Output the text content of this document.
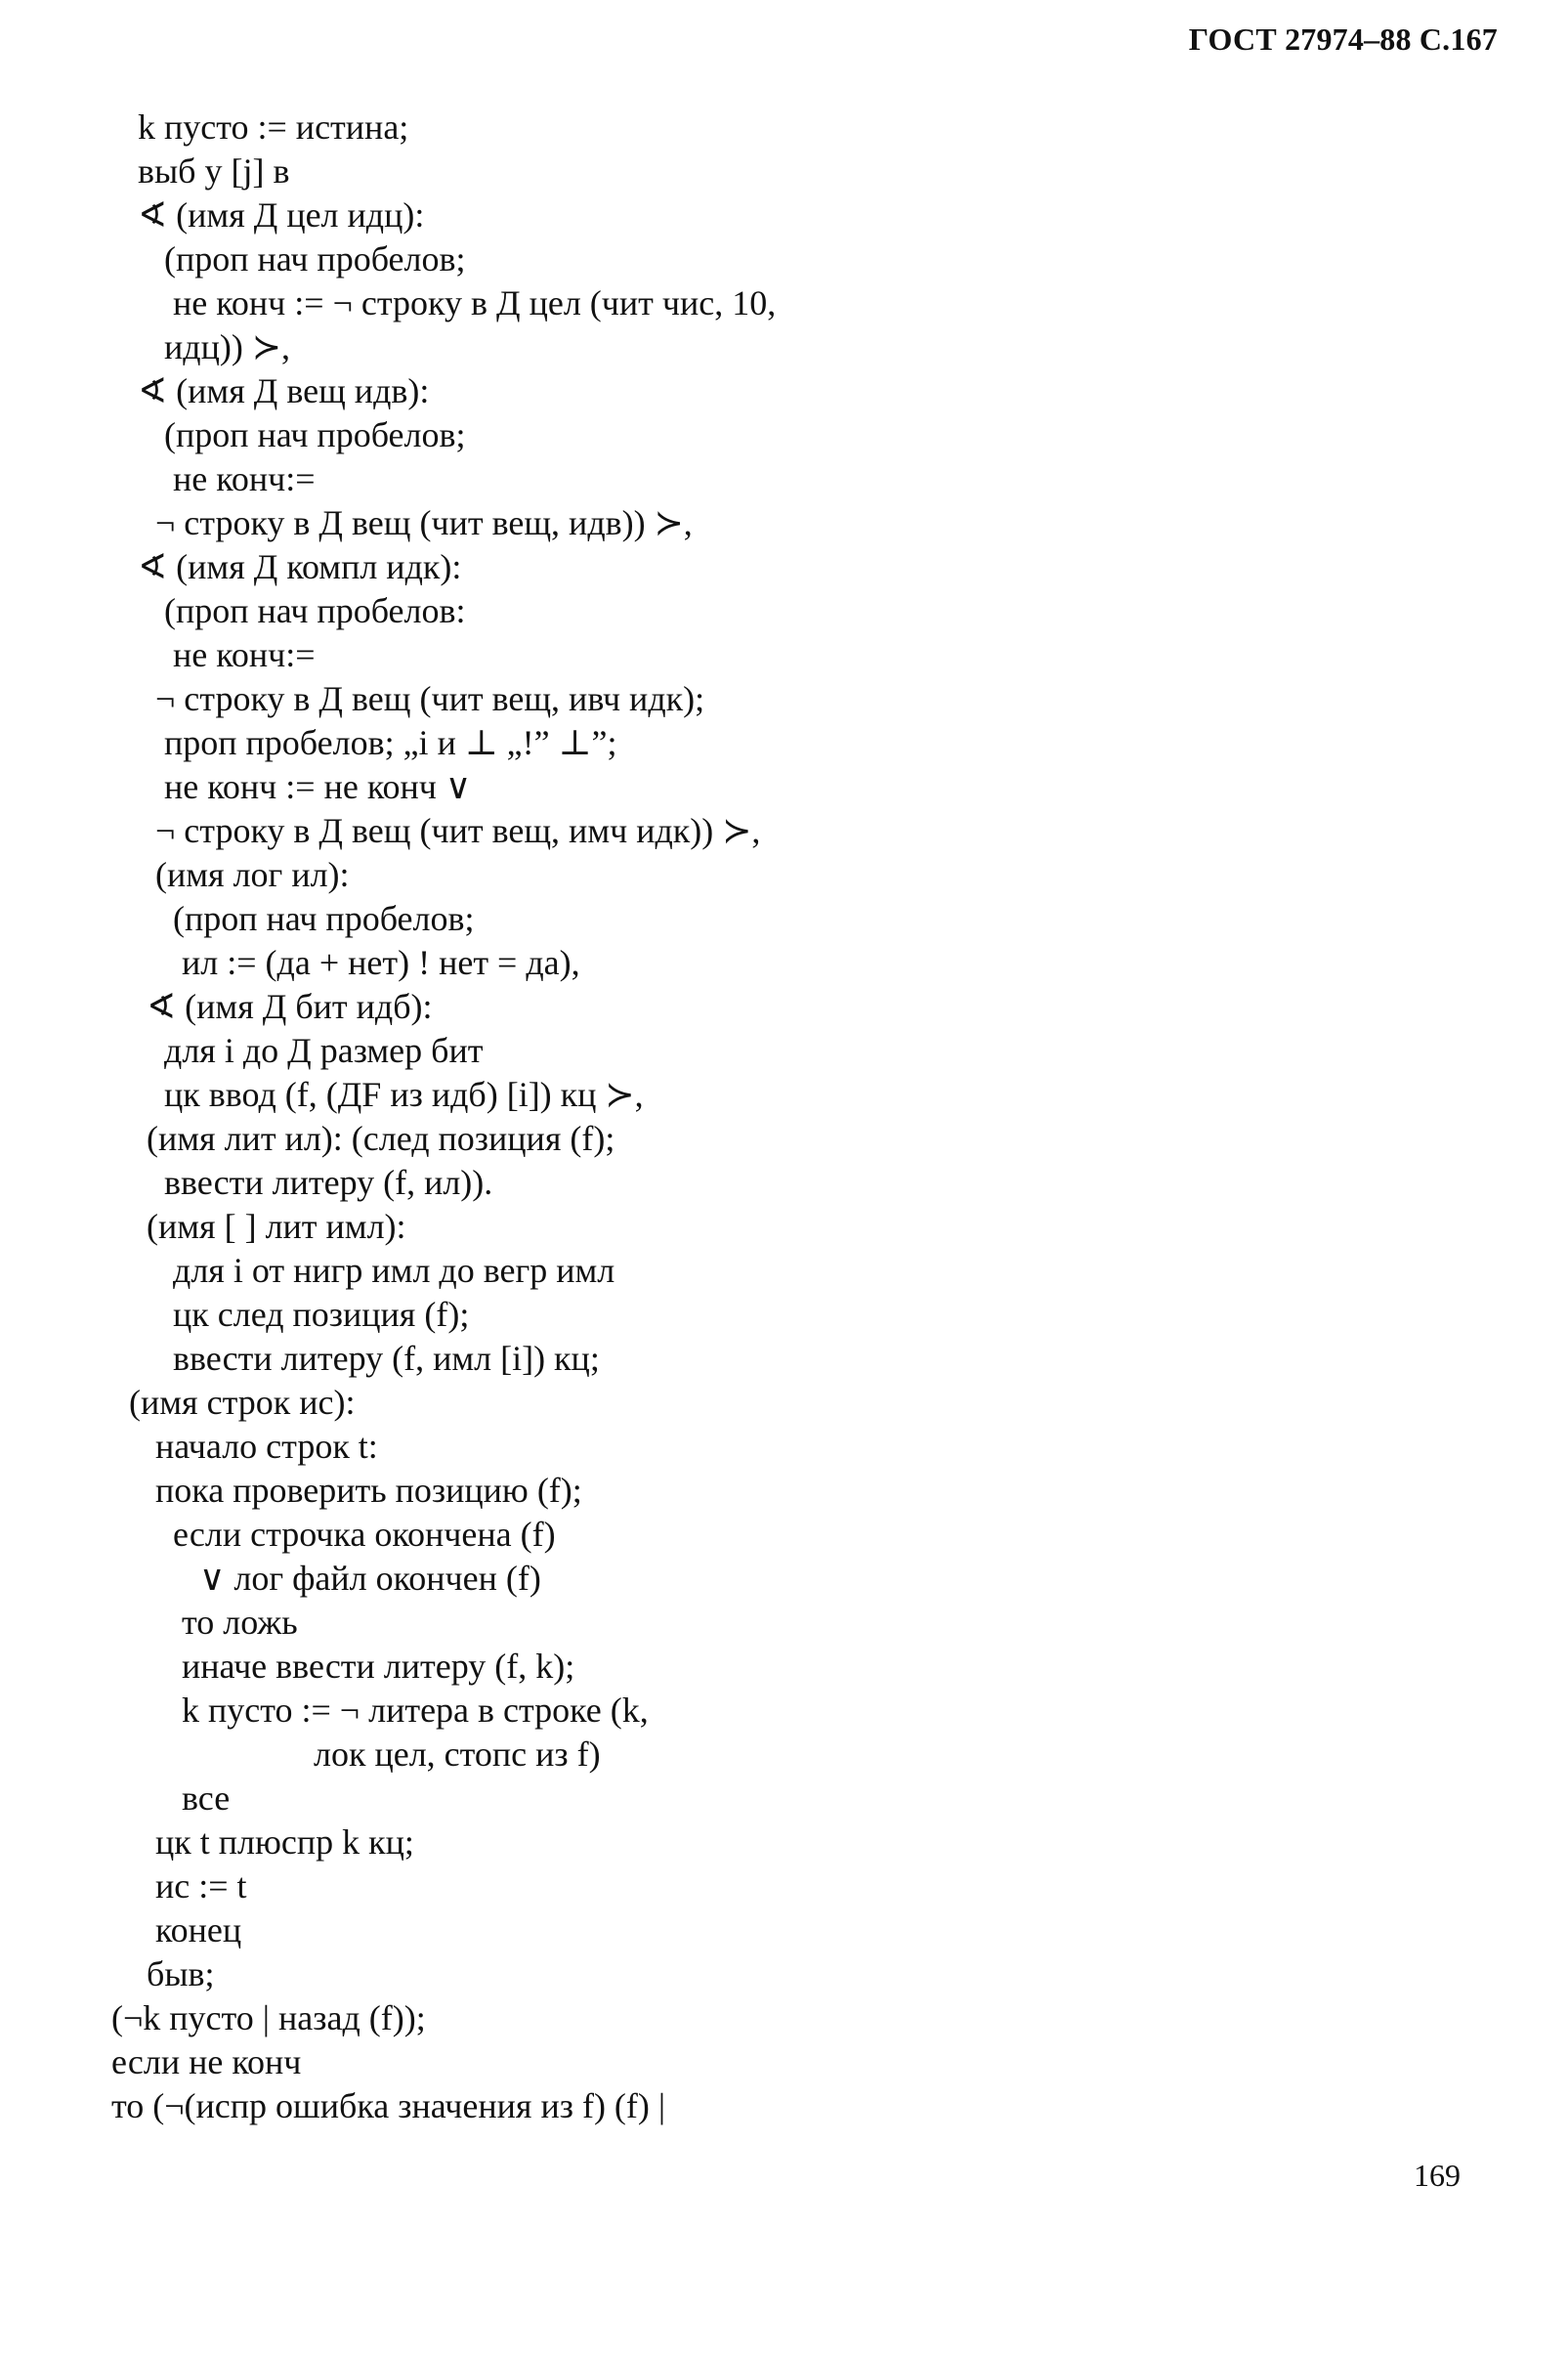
ГОСТ 27974–88 С.167
k пусто := истина;
выб y [j] в
∢ (имя Д цел идц):
(проп нач пробелов;
не конч := ¬ строку в Д цел (чит чис, 10,
идц)) ≻,
∢ (имя Д вещ идв):
(проп нач пробелов;
не конч:=
¬ строку в Д вещ (чит вещ, идв)) ≻,
∢ (имя Д компл идк):
(проп нач пробелов:
не конч:=
¬ строку в Д вещ (чит вещ, ивч идк);
проп пробелов; „i и ⊥ „!” ⊥”;
не конч := не конч ∨
¬ строку в Д вещ (чит вещ, имч идк)) ≻,
(имя лог ил):
(проп нач пробелов;
ил := (да + нет) ! нет = да),
∢ (имя Д бит идб):
для i до Д размер бит
цк ввод (f, (ДF из идб) [i]) кц ≻,
(имя лит ил): (след позиция (f);
ввести литеру (f, ил)).
(имя [ ] лит имл):
для i от нигр имл до вегр имл
цк след позиция (f);
ввести литеру (f, имл [i]) кц;
(имя строк ис):
начало строк t:
пока проверить позицию (f);
если строчка окончена (f)
∨ лог файл окончен (f)
то ложь
иначе ввести литеру (f, k);
k пусто := ¬ литера в строке (k,
лок цел, стопс из f)
все
цк t плюспр k кц;
ис := t
конец
быв;
(¬k пусто | назад (f));
если не конч
то (¬(испр ошибка значения из f) (f) |
169
